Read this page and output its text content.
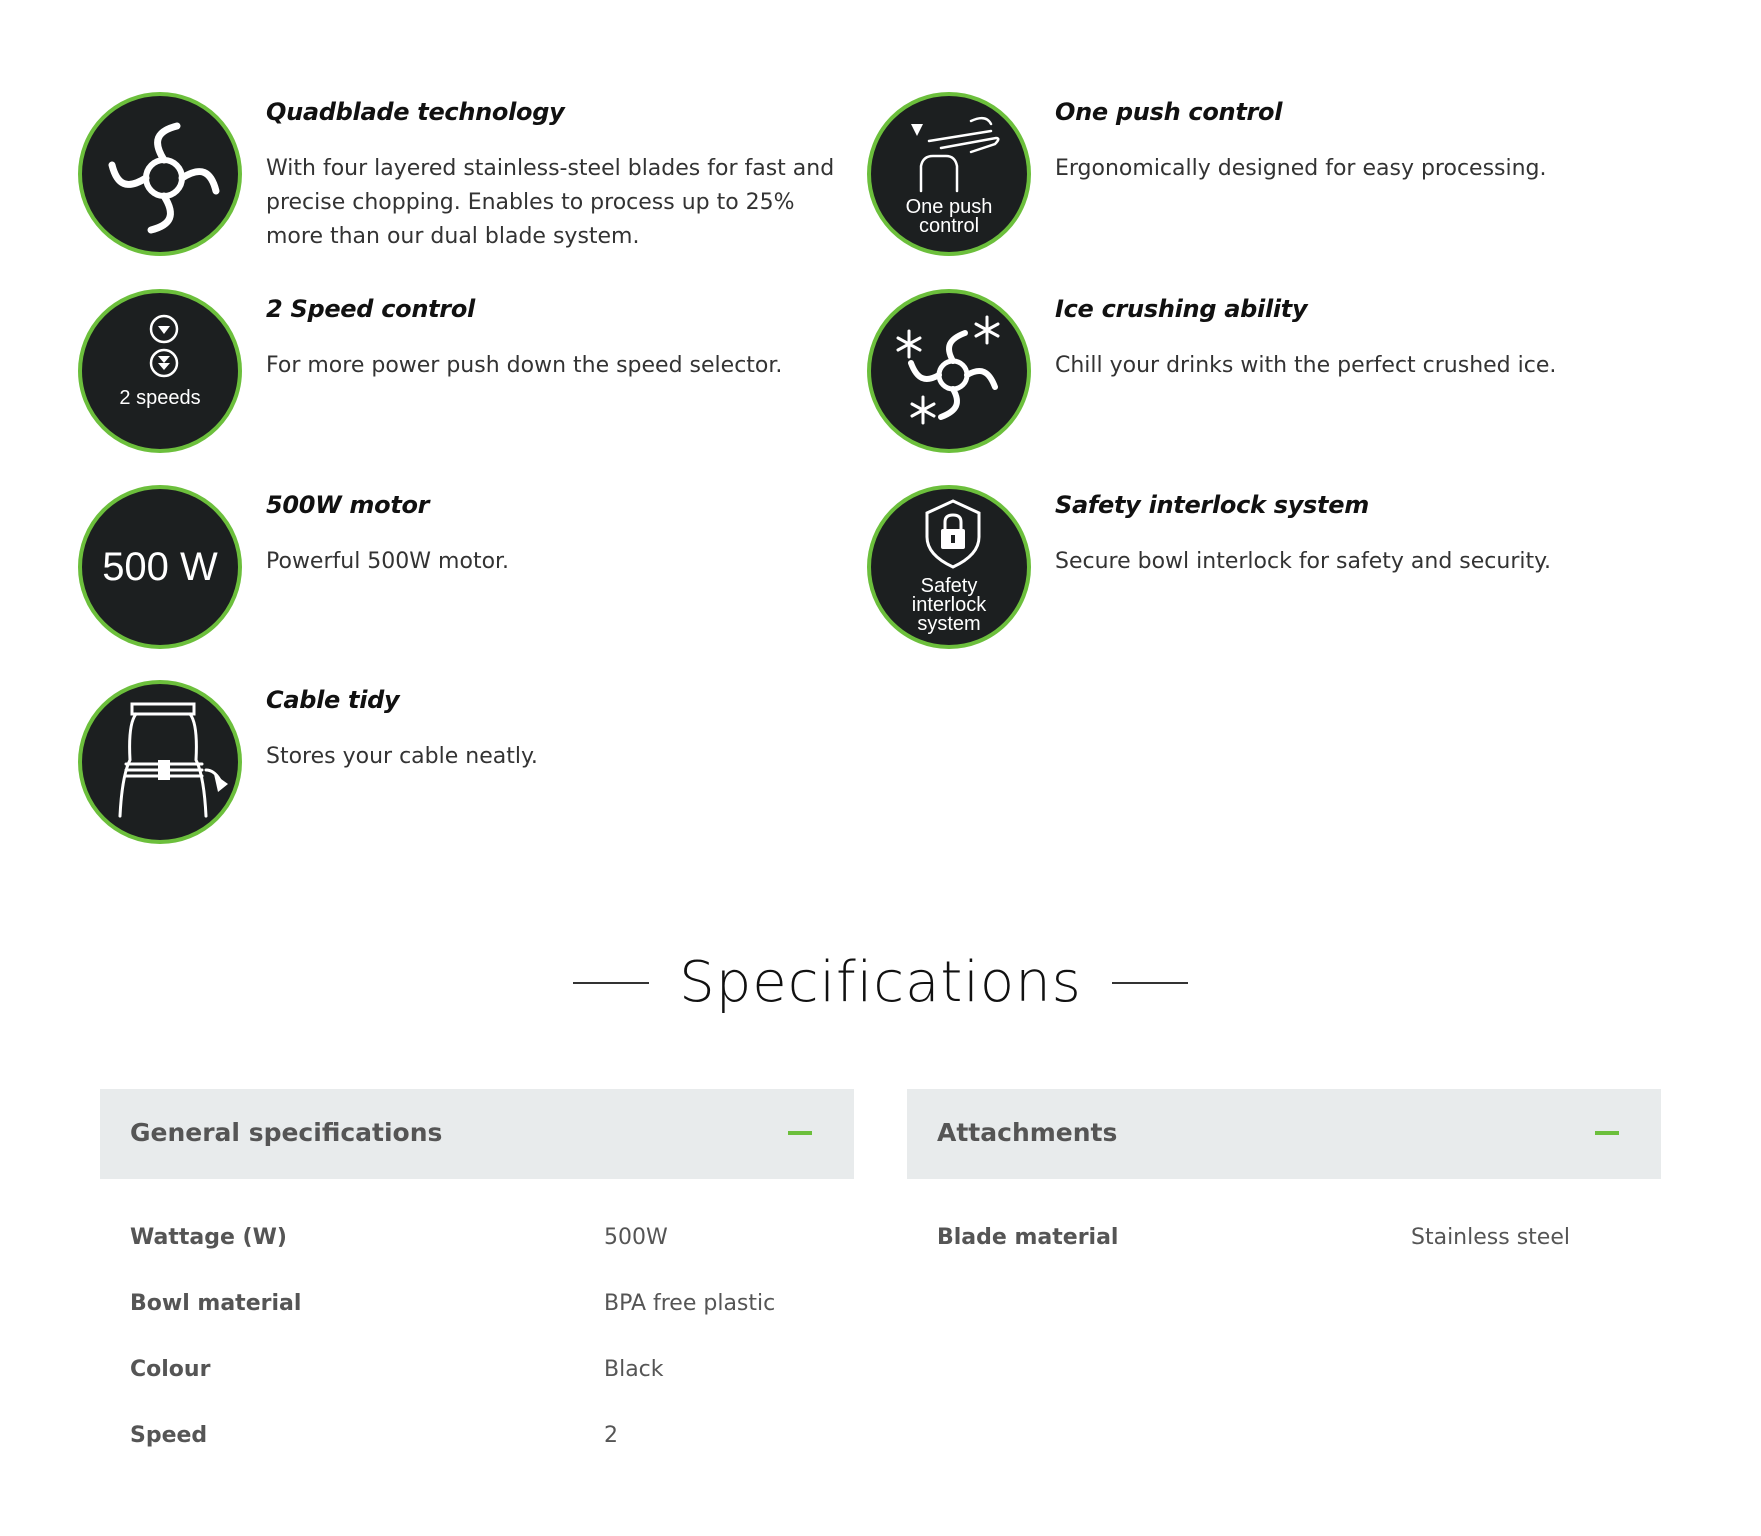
Quadblade technology
With four layered stainless-steel blades for fast and precise chopping. Enables to process up to 25% more than our dual blade system.
One push control
One push control
Ergonomically designed for easy processing.
2 speeds
2 Speed control
For more power push down the speed selector.
Ice crushing ability
Chill your drinks with the perfect crushed ice.
500 W
500W motor
Powerful 500W motor.
Safety interlock system
Safety interlock system
Secure bowl interlock for safety and security.
Cable tidy
Stores your cable neatly.
Specifications
General specifications
Wattage (W)	500W
Bowl material	BPA free plastic
Colour	Black
Speed	2
Attachments
Blade material	Stainless steel
